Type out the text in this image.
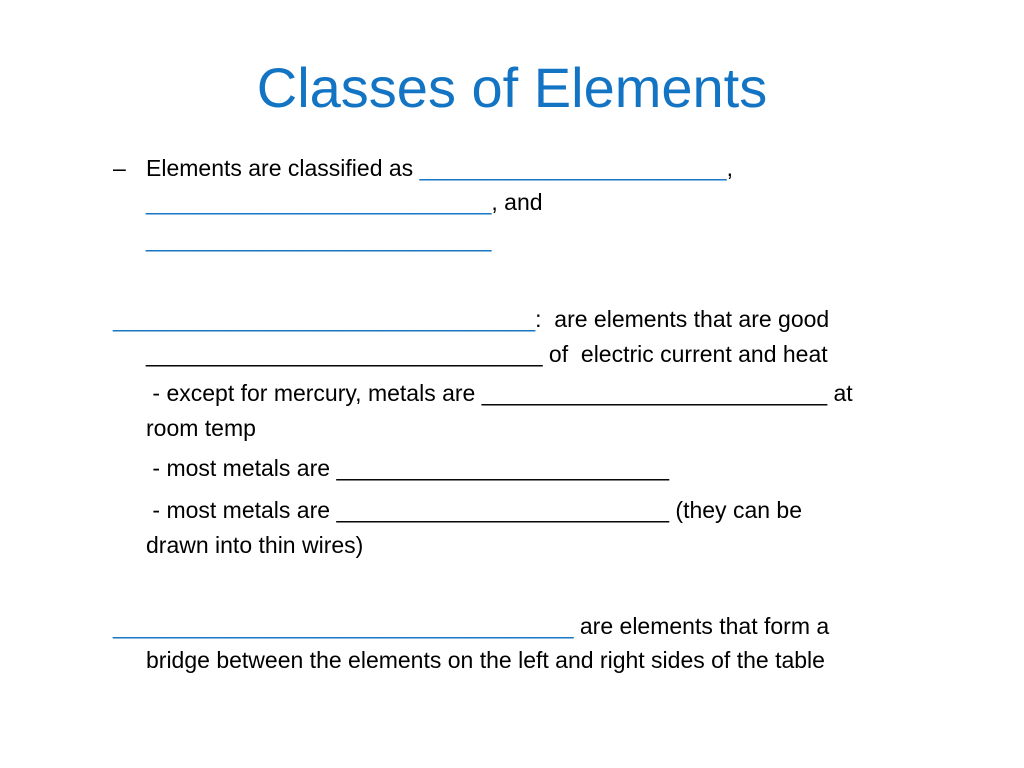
Classes of Elements
– Elements are classified as ________________________,
___________________________, and
___________________________
_________________________________:  are elements that are good
_______________________________ of  electric current and heat
- except for mercury, metals are ___________________________ at
room temp
- most metals are __________________________
- most metals are __________________________ (they can be
drawn into thin wires)
____________________________________ are elements that form a
bridge between the elements on the left and right sides of the table
